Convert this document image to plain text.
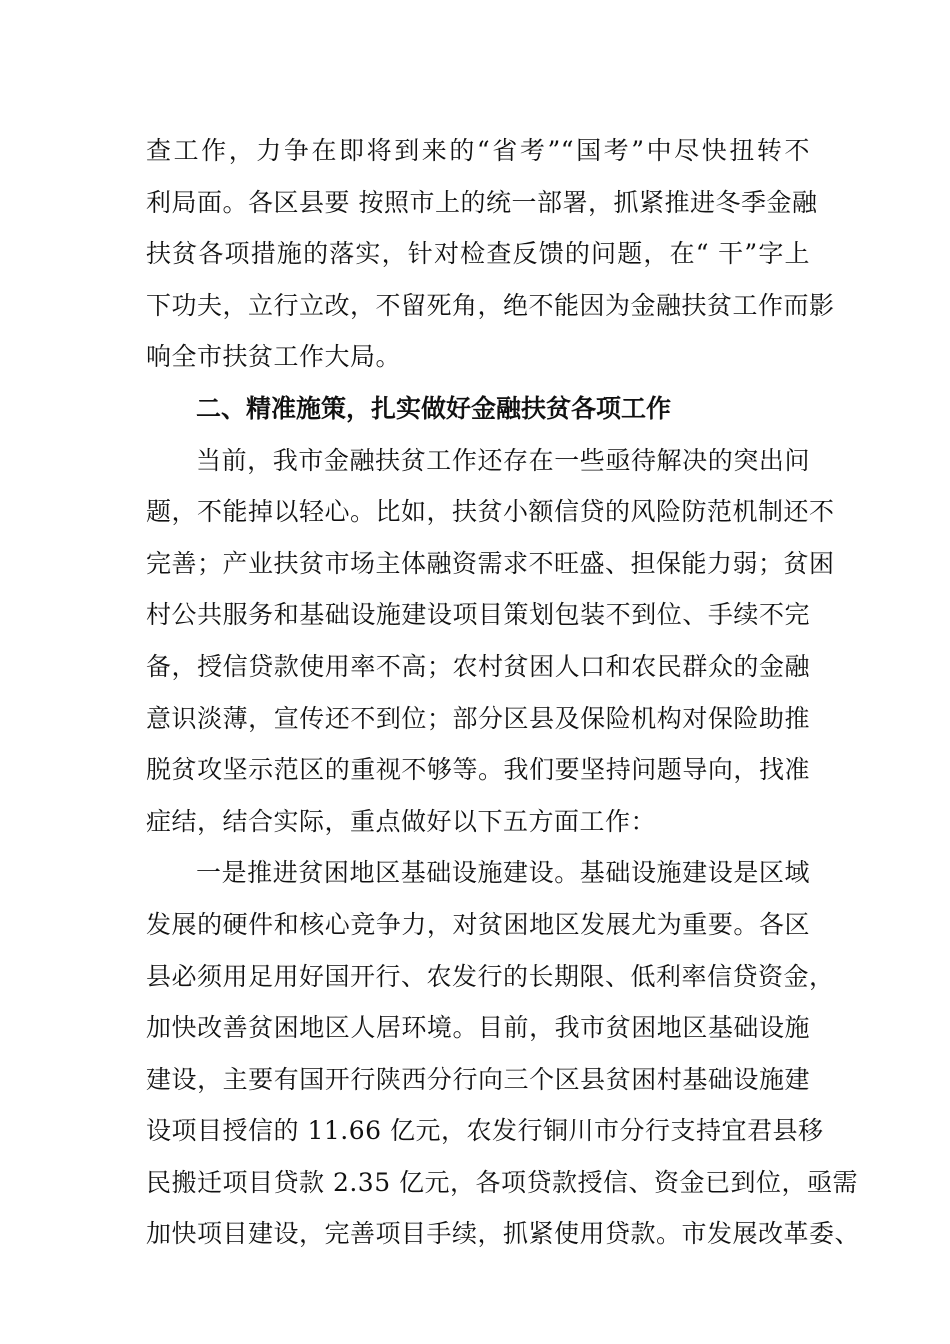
查工作，力争在即将到来的“省考”“国考”中尽快扭转不
利局面。各区县要 按照市上的统一部署，抓紧推进冬季金融
扶贫各项措施的落实，针对检查反馈的问题，在“ 干”字上
下功夫，立行立改，不留死角，绝不能因为金融扶贫工作而影
响全市扶贫工作大局。
二、精准施策，扎实做好金融扶贫各项工作
当前，我市金融扶贫工作还存在一些亟待解决的突出问
题，不能掉以轻心。比如，扶贫小额信贷的风险防范机制还不
完善；产业扶贫市场主体融资需求不旺盛、担保能力弱；贫困
村公共服务和基础设施建设项目策划包装不到位、手续不完
备，授信贷款使用率不高；农村贫困人口和农民群众的金融
意识淡薄，宣传还不到位；部分区县及保险机构对保险助推
脱贫攻坚示范区的重视不够等。我们要坚持问题导向，找准
症结，结合实际，重点做好以下五方面工作：
一是推进贫困地区基础设施建设。基础设施建设是区域
发展的硬件和核心竞争力，对贫困地区发展尤为重要。各区
县必须用足用好国开行、农发行的长期限、低利率信贷资金，
加快改善贫困地区人居环境。目前，我市贫困地区基础设施
建设，主要有国开行陕西分行向三个区县贫困村基础设施建
设项目授信的 11.66 亿元，农发行铜川市分行支持宜君县移
民搬迁项目贷款 2.35 亿元，各项贷款授信、资金已到位，亟需
加快项目建设，完善项目手续，抓紧使用贷款。市发展改革委、
